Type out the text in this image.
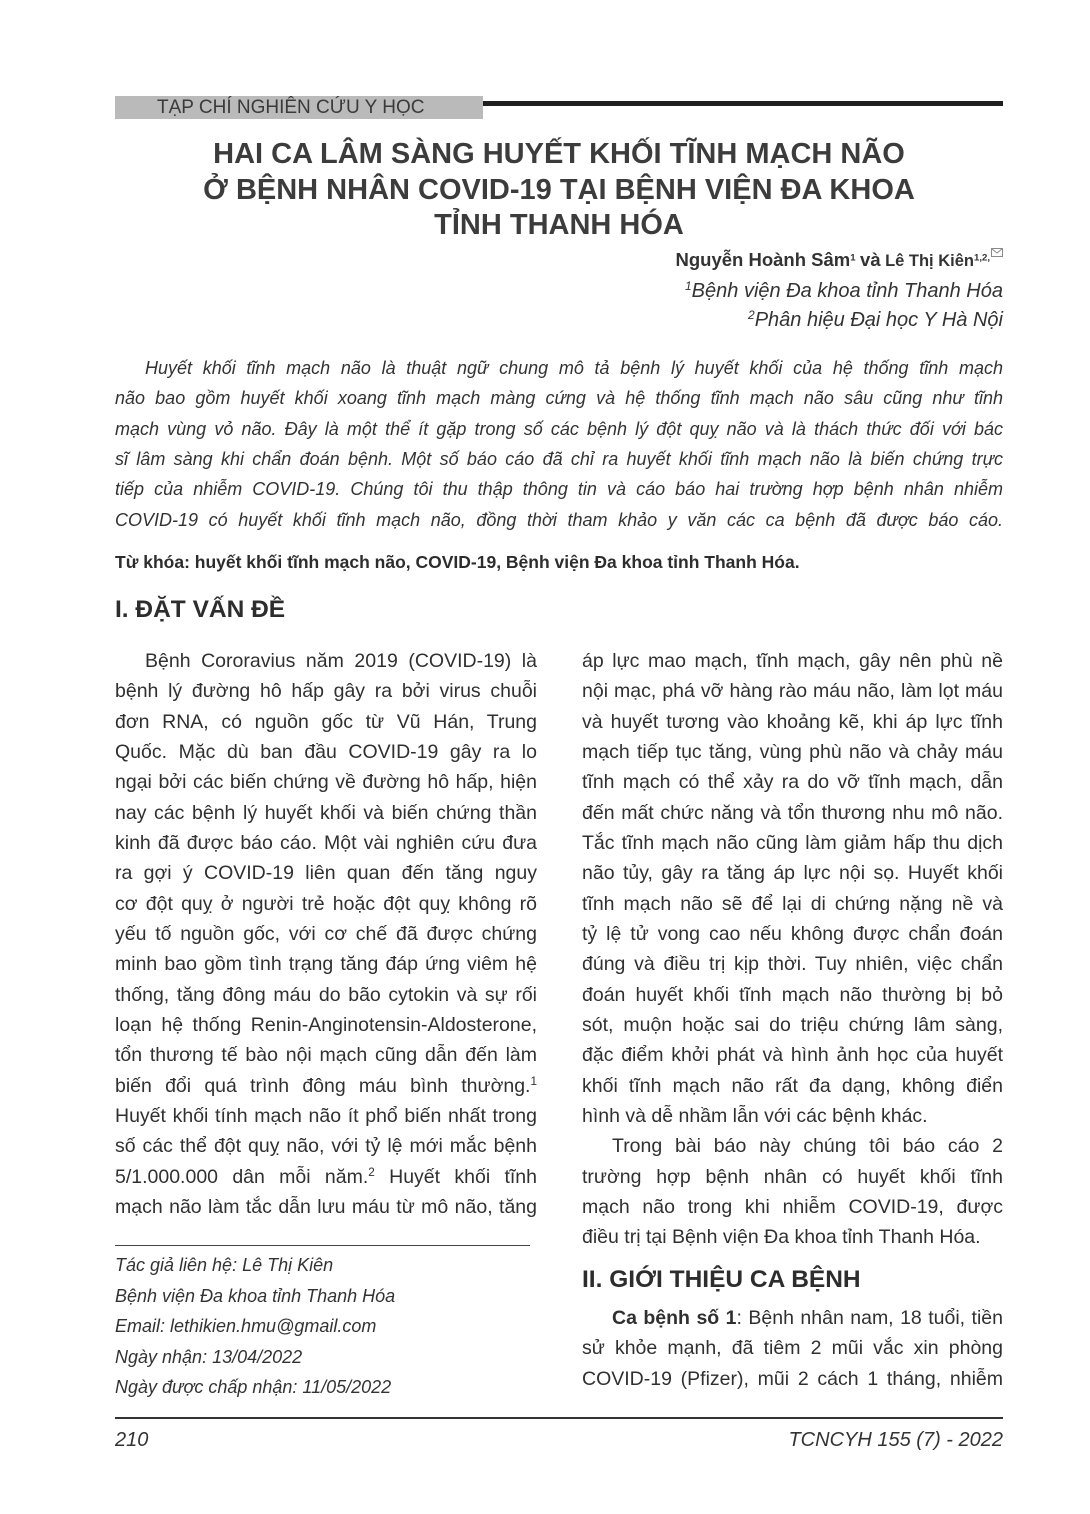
TẠP CHÍ NGHIÊN CỨU Y HỌC
HAI CA LÂM SÀNG HUYẾT KHỐI TĨNH MẠCH NÃO
Ở BỆNH NHÂN COVID-19 TẠI BỆNH VIỆN ĐA KHOA
TỈNH THANH HÓA
Nguyễn Hoành Sâm$^1$ và Lê Thị Kiên$^{1,2,}$
$^1$Bệnh viện Đa khoa tỉnh Thanh Hóa
$^2$Phân hiệu Đại học Y Hà Nội
Huyết khối tĩnh mạch não là thuật ngữ chung mô tả bệnh lý huyết khối của hệ thống tĩnh mạch
não bao gồm huyết khối xoang tĩnh mạch màng cứng và hệ thống tĩnh mạch não sâu cũng như tĩnh
mạch vùng vỏ não. Đây là một thể ít gặp trong số các bệnh lý đột quỵ não và là thách thức đối với bác
sĩ lâm sàng khi chẩn đoán bệnh. Một số báo cáo đã chỉ ra huyết khối tĩnh mạch não là biến chứng trực
tiếp của nhiễm COVID-19. Chúng tôi thu thập thông tin và cáo báo hai trường hợp bệnh nhân nhiễm
COVID-19 có huyết khối tĩnh mạch não, đồng thời tham khảo y văn các ca bệnh đã được báo cáo.
Từ khóa: huyết khối tĩnh mạch não, COVID-19, Bệnh viện Đa khoa tỉnh Thanh Hóa.
I. ĐẶT VẤN ĐỀ
Bệnh Cororavius năm 2019 (COVID-19) là
bệnh lý đường hô hấp gây ra bởi virus chuỗi
đơn RNA, có nguồn gốc từ Vũ Hán, Trung
Quốc. Mặc dù ban đầu COVID-19 gây ra lo
ngại bởi các biến chứng về đường hô hấp, hiện
nay các bệnh lý huyết khối và biến chứng thần
kinh đã được báo cáo. Một vài nghiên cứu đưa
ra gợi ý COVID-19 liên quan đến tăng nguy
cơ đột quỵ ở người trẻ hoặc đột quỵ không rõ
yếu tố nguồn gốc, với cơ chế đã được chứng
minh bao gồm tình trạng tăng đáp ứng viêm hệ
thống, tăng đông máu do bão cytokin và sự rối
loạn hệ thống Renin-Anginotensin-Aldosterone,
tổn thương tế bào nội mạch cũng dẫn đến làm
biến đổi quá trình đông máu bình thường.$^1$
Huyết khối tính mạch não ít phổ biến nhất trong
số các thể đột quỵ não, với tỷ lệ mới mắc bệnh
5/1.000.000 dân mỗi năm.$^2$ Huyết khối tĩnh
mạch não làm tắc dẫn lưu máu từ mô não, tăng
Tác giả liên hệ: Lê Thị Kiên
Bệnh viện Đa khoa tỉnh Thanh Hóa
Email: lethikien.hmu@gmail.com
Ngày nhận: 13/04/2022
Ngày được chấp nhận: 11/05/2022
áp lực mao mạch, tĩnh mạch, gây nên phù nề
nội mạc, phá vỡ hàng rào máu não, làm lọt máu
và huyết tương vào khoảng kẽ, khi áp lực tĩnh
mạch tiếp tục tăng, vùng phù não và chảy máu
tĩnh mạch có thể xảy ra do vỡ tĩnh mạch, dẫn
đến mất chức năng và tổn thương nhu mô não.
Tắc tĩnh mạch não cũng làm giảm hấp thu dịch
não tủy, gây ra tăng áp lực nội sọ. Huyết khối
tĩnh mạch não sẽ để lại di chứng nặng nề và
tỷ lệ tử vong cao nếu không được chẩn đoán
đúng và điều trị kịp thời. Tuy nhiên, việc chẩn
đoán huyết khối tĩnh mạch não thường bị bỏ
sót, muộn hoặc sai do triệu chứng lâm sàng,
đặc điểm khởi phát và hình ảnh học của huyết
khối tĩnh mạch não rất đa dạng, không điển
hình và dễ nhầm lẫn với các bệnh khác.
Trong bài báo này chúng tôi báo cáo 2
trường hợp bệnh nhân có huyết khối tĩnh
mạch não trong khi nhiễm COVID-19, được
điều trị tại Bệnh viện Đa khoa tỉnh Thanh Hóa.
II. GIỚI THIỆU CA BỆNH
Ca bệnh số 1: Bệnh nhân nam, 18 tuổi, tiền
sử khỏe mạnh, đã tiêm 2 mũi vắc xin phòng
COVID-19 (Pfizer), mũi 2 cách 1 tháng, nhiễm
210	TCNCYH 155 (7) - 2022
